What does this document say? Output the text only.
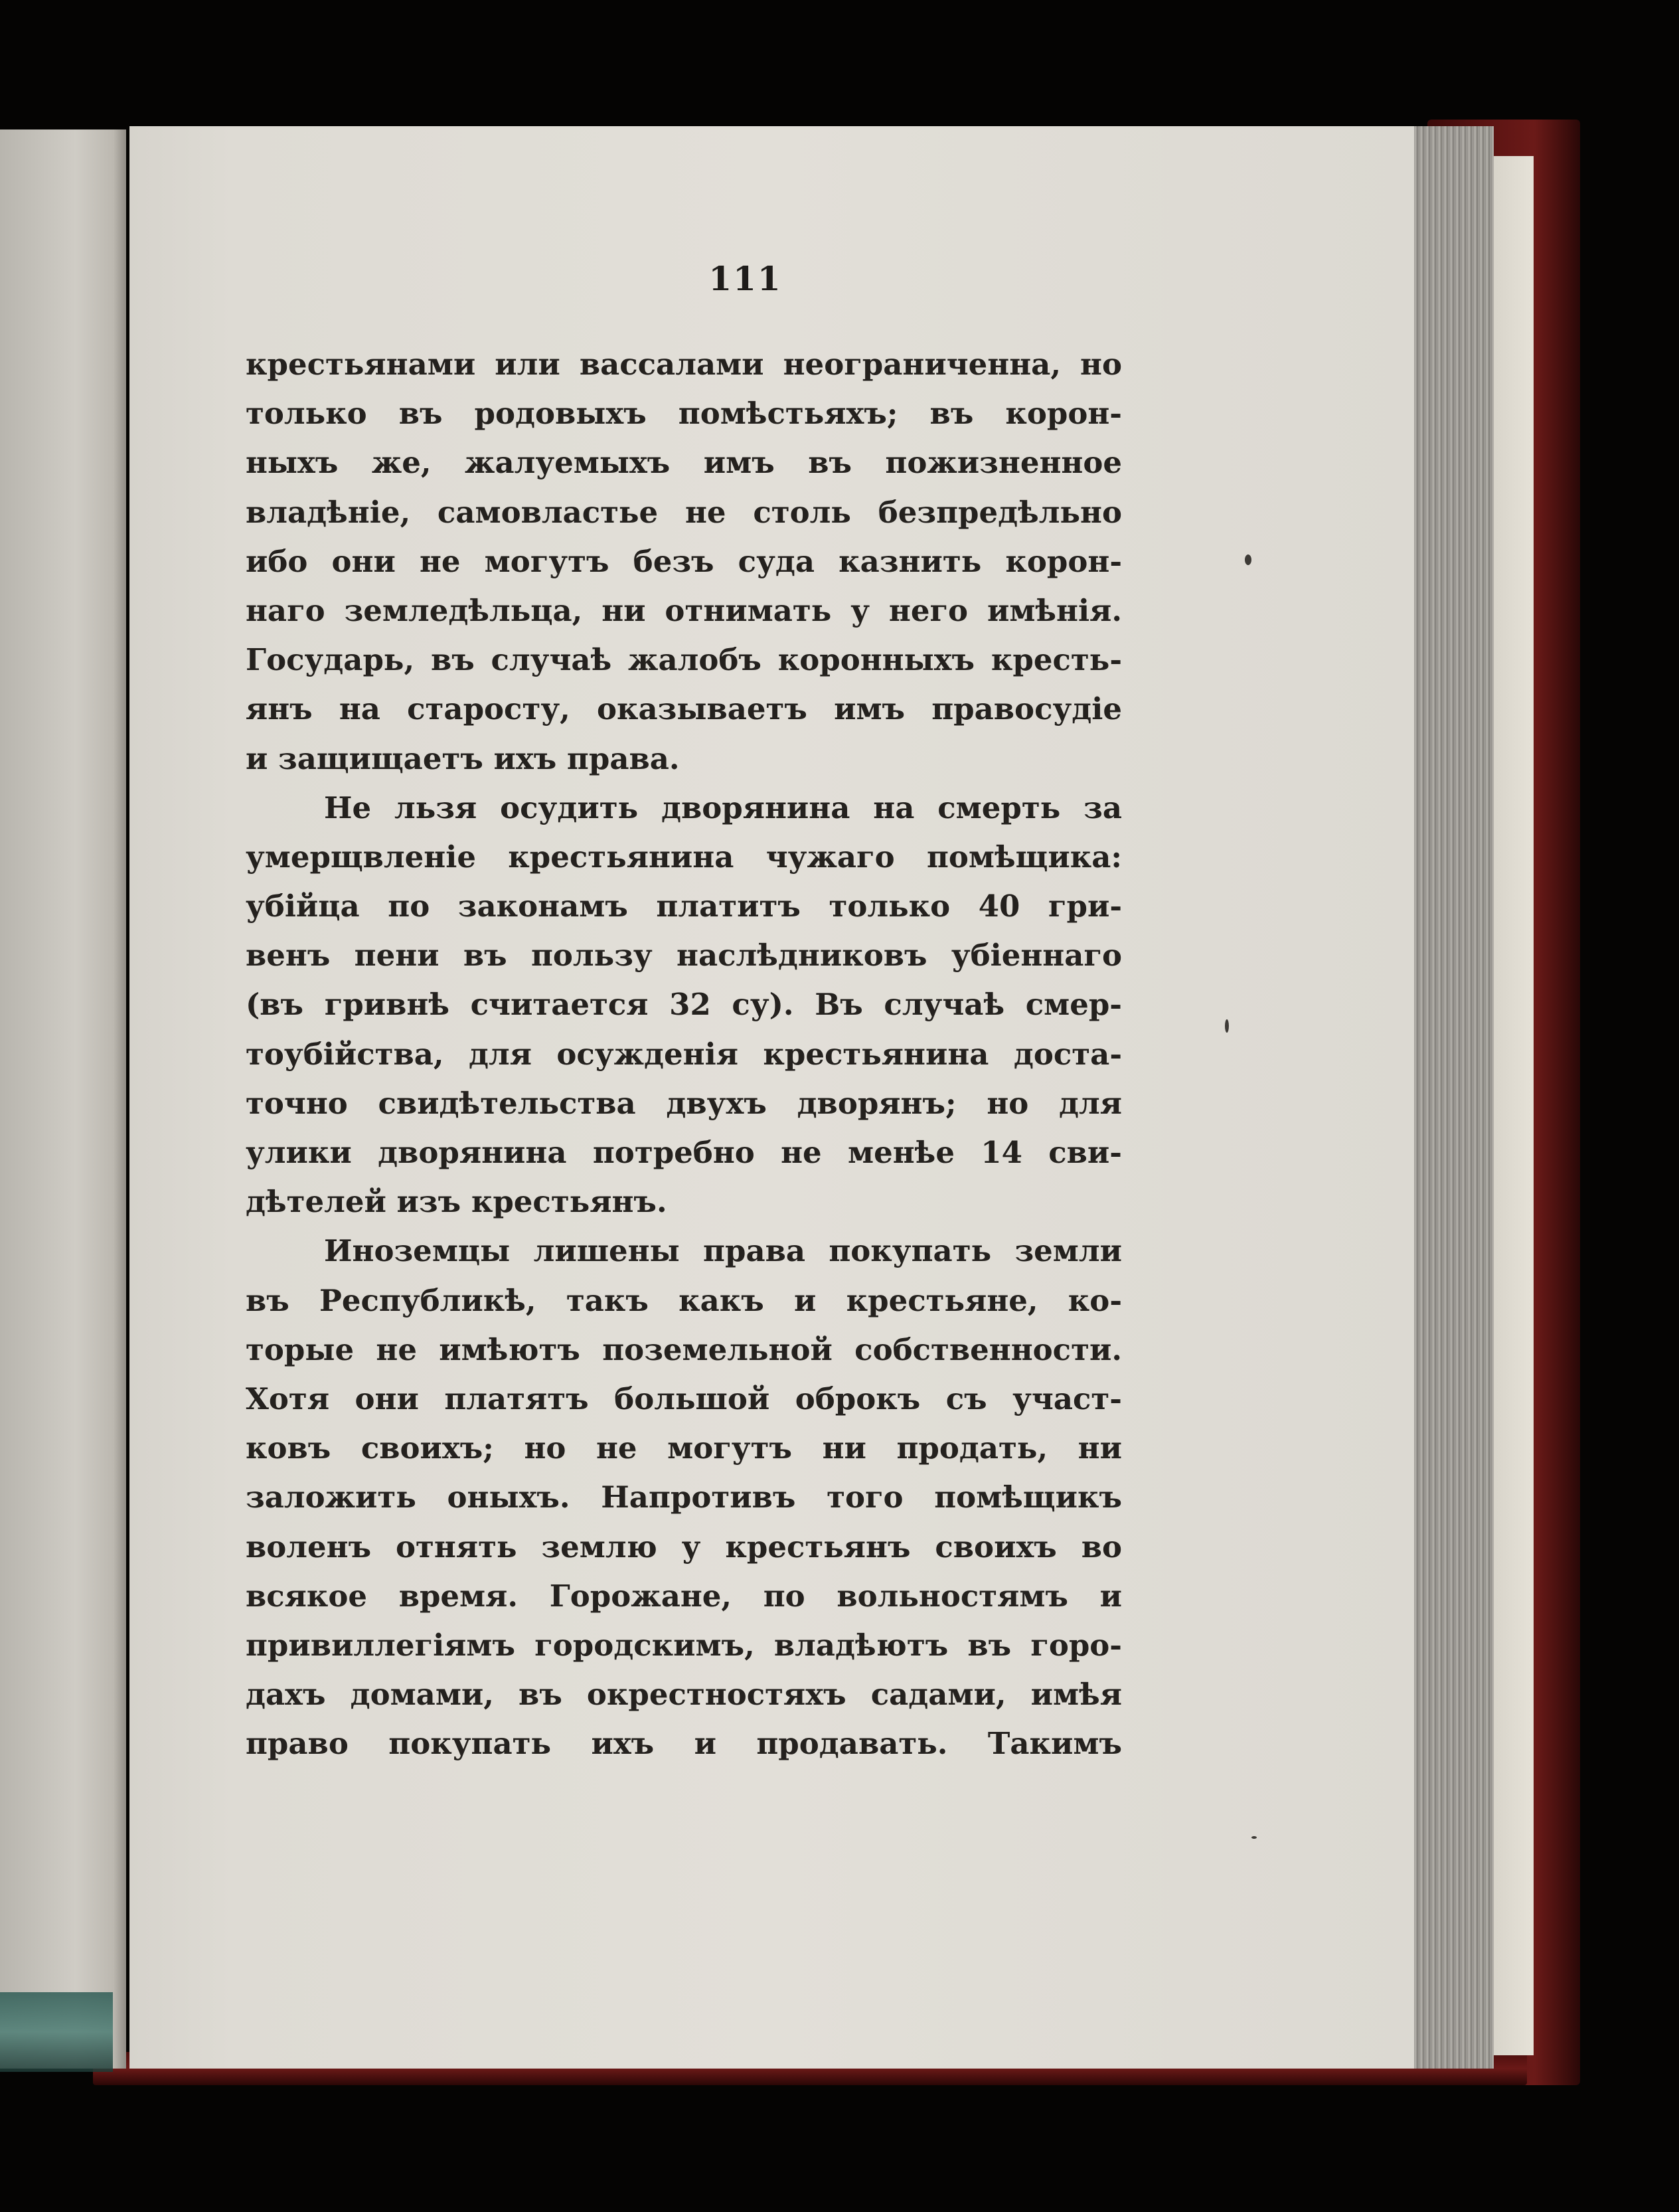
111
крестьянами или вассалами неограниченна, но
только въ родовыхъ помѣстьяхъ; въ корон-
ныхъ же, жалуемыхъ имъ въ пожизненное
владѣніе, самовластье не столь безпредѣльно
ибо они не могутъ безъ суда казнить корон-
наго земледѣльца, ни отнимать у него имѣнія.
Государь, въ случаѣ жалобъ коронныхъ кресть-
янъ на старосту, оказываетъ имъ правосудіе
и защищаетъ ихъ права.
Не льзя осудить дворянина на смерть за
умерщвленіе крестьянина чужаго помѣщика:
убійца по законамъ платитъ только 40 гри-
венъ пени въ пользу наслѣдниковъ убіеннаго
(въ гривнѣ считается 32 су). Въ случаѣ смер-
тоубійства, для осужденія крестьянина доста-
точно свидѣтельства двухъ дворянъ; но для
улики дворянина потребно не менѣе 14 сви-
дѣтелей изъ крестьянъ.
Иноземцы лишены права покупать земли
въ Республикѣ, такъ какъ и крестьяне, ко-
торые не имѣютъ поземельной собственности.
Хотя они платятъ большой оброкъ съ участ-
ковъ своихъ; но не могутъ ни продать, ни
заложить оныхъ. Напротивъ того помѣщикъ
воленъ отнять землю у крестьянъ своихъ во
всякое время. Горожане, по вольностямъ и
привиллегіямъ городскимъ, владѣютъ въ горо-
дахъ домами, въ окрестностяхъ садами, имѣя
право покупать ихъ и продавать. Такимъ
